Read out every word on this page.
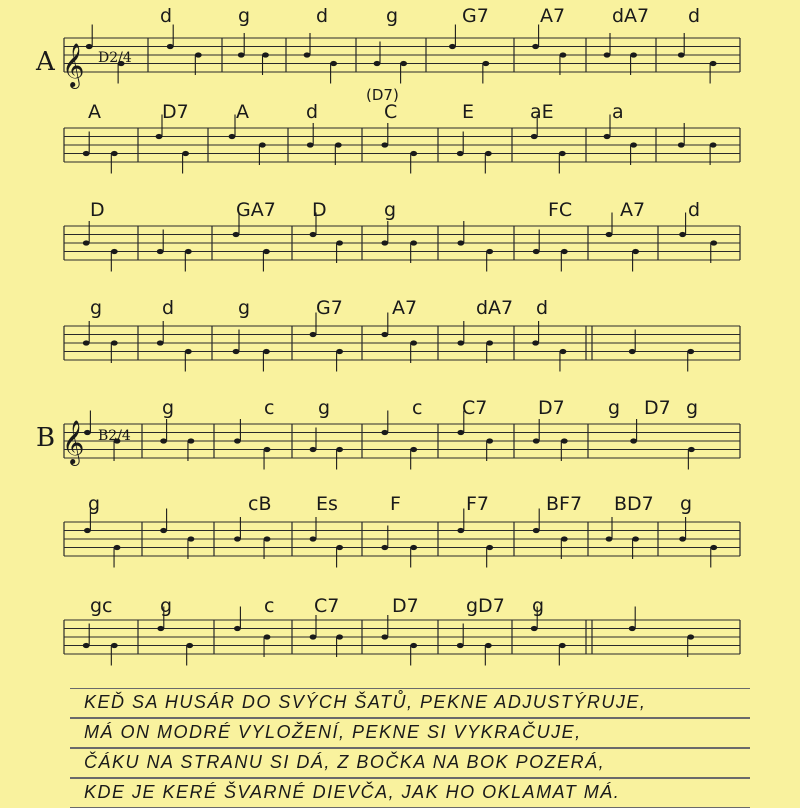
A 𝄞 D2/4
(D7)
B 𝄞 B2/4
d	g	d	g	G7	A7 dA7 d
A	D7 A	d	C	E	aE	a
D	GA7 D	g	FC	A7 d
g	d	g	G7	A7	dA7 d
g	c g	c C7	D7 g D7 g
g	cB Es	F	F7	BF7 BD7 g
gc g	c C7	D7 gD7 g
KEĎ SA HUSÁR DO SVÝCH ŠATŮ, PEKNE ADJUSTÝRUJE,
MÁ ON MODRÉ VYLOŽENÍ, PEKNE SI VYKRAČUJE,
ČÁKU NA STRANU SI DÁ, Z BOČKA NA BOK POZERÁ,
KDE JE KERÉ ŠVARNÉ DIEVČA, JAK HO OKLAMAT MÁ.
